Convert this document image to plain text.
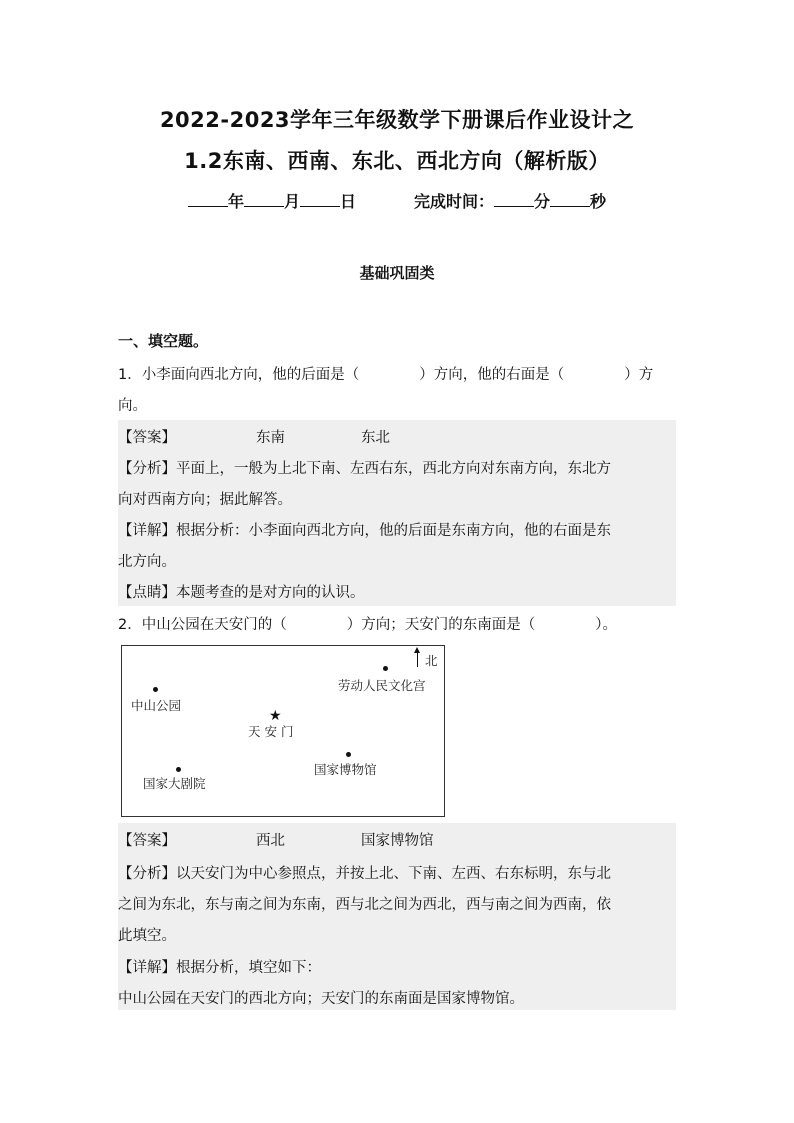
2022-2023学年三年级数学下册课后作业设计之
1.2东南、西南、东北、西北方向（解析版）
年	月	日	完成时间：	分	秒
基础巩固类
一、填空题。
1．小李面向西北方向，他的后面是（	）方向，他的右面是（	）方
向。
【答案】	东南	东北
【分析】平面上，一般为上北下南、左西右东，西北方向对东南方向，东北方
向对西南方向；据此解答。
【详解】根据分析：小李面向西北方向，他的后面是东南方向，他的右面是东
北方向。
【点睛】本题考查的是对方向的认识。
2．中山公园在天安门的（	）方向；天安门的东南面是（	）。
北
劳动人民文化宫
中山公园
★
天 安 门
国家博物馆
国家大剧院
【答案】	西北	国家博物馆
【分析】以天安门为中心参照点，并按上北、下南、左西、右东标明，东与北
之间为东北，东与南之间为东南，西与北之间为西北，西与南之间为西南，依
此填空。
【详解】根据分析，填空如下：
中山公园在天安门的西北方向；天安门的东南面是国家博物馆。
